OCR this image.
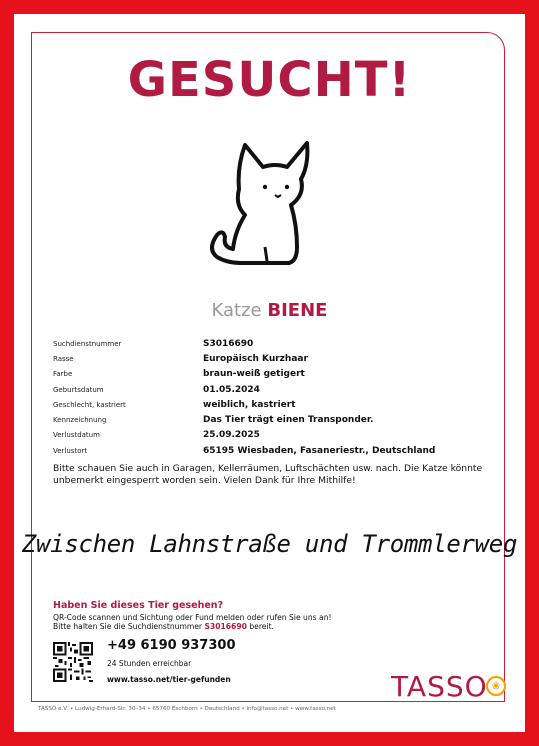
GESUCHT!
Katze BIENE
Suchdienstnummer	S3016690
Rasse	Europäisch Kurzhaar
Farbe	braun-weiß getigert
Geburtsdatum	01.05.2024
Geschlecht, kastriert	weiblich, kastriert
Kennzeichnung	Das Tier trägt einen Transponder.
Verlustdatum	25.09.2025
Verlustort	65195 Wiesbaden, Fasaneriestr., Deutschland
Bitte schauen Sie auch in Garagen, Kellerräumen, Luftschächten usw. nach. Die Katze könnte unbemerkt eingesperrt worden sein. Vielen Dank für Ihre Mithilfe!
Zwischen Lahnstraße und Trommlerweg
Haben Sie dieses Tier gesehen?
QR-Code scannen und Sichtung oder Fund melden oder rufen Sie uns an!
Bitte halten Sie die Suchdienstnummer S3016690 bereit.
+49 6190 937300
24 Stunden erreichbar
www.tasso.net/tier-gefunden	TASSO ❀
TASSO e.V. • Ludwig-Erhard-Str. 30–34 • 65760 Eschborn • Deutschland • info@tasso.net • www.tasso.net
